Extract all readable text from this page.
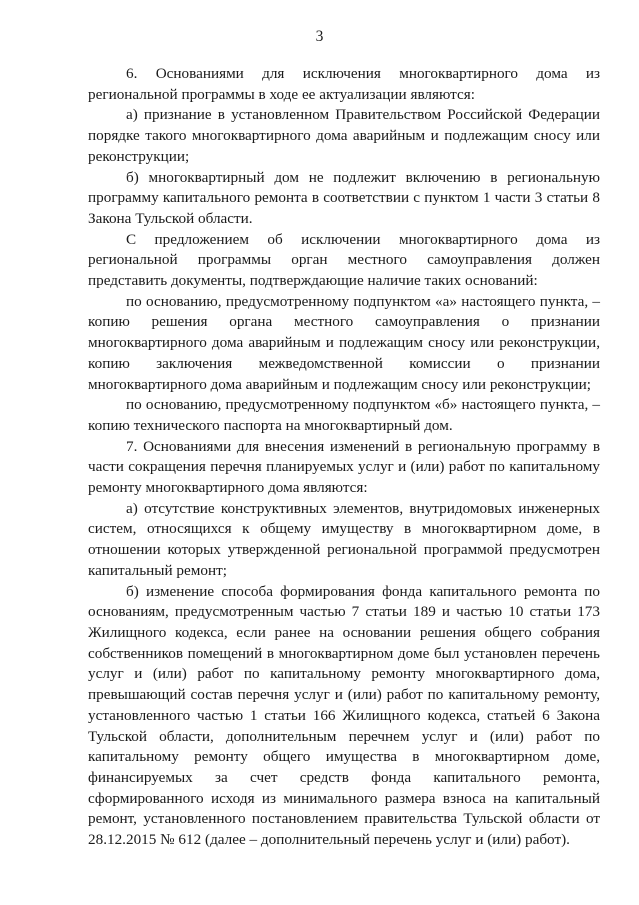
3

6. Основаниями для исключения многоквартирного дома из региональной программы в ходе ее актуализации являются:

а) признание в установленном Правительством Российской Федерации порядке такого многоквартирного дома аварийным и подлежащим сносу или реконструкции;

б) многоквартирный дом не подлежит включению в региональную программу капитального ремонта в соответствии с пунктом 1 части 3 статьи 8 Закона Тульской области.

С предложением об исключении многоквартирного дома из региональной программы орган местного самоуправления должен представить документы, подтверждающие наличие таких оснований:

по основанию, предусмотренному подпунктом «а» настоящего пункта, – копию решения органа местного самоуправления о признании многоквартирного дома аварийным и подлежащим сносу или реконструкции, копию заключения межведомственной комиссии о признании многоквартирного дома аварийным и подлежащим сносу или реконструкции;

по основанию, предусмотренному подпунктом «б» настоящего пункта, – копию технического паспорта на многоквартирный дом.

7. Основаниями для внесения изменений в региональную программу в части сокращения перечня планируемых услуг и (или) работ по капитальному ремонту многоквартирного дома являются:

а) отсутствие конструктивных элементов, внутридомовых инженерных систем, относящихся к общему имуществу в многоквартирном доме, в отношении которых утвержденной региональной программой предусмотрен капитальный ремонт;

б) изменение способа формирования фонда капитального ремонта по основаниям, предусмотренным частью 7 статьи 189 и частью 10 статьи 173 Жилищного кодекса, если ранее на основании решения общего собрания собственников помещений в многоквартирном доме был установлен перечень услуг и (или) работ по капитальному ремонту многоквартирного дома, превышающий состав перечня услуг и (или) работ по капитальному ремонту, установленного частью 1 статьи 166 Жилищного кодекса, статьей 6 Закона Тульской области, дополнительным перечнем услуг и (или) работ по капитальному ремонту общего имущества в многоквартирном доме, финансируемых за счет средств фонда капитального ремонта, сформированного исходя из минимального размера взноса на капитальный ремонт, установленного постановлением правительства Тульской области от 28.12.2015 № 612 (далее – дополнительный перечень услуг и (или) работ).
